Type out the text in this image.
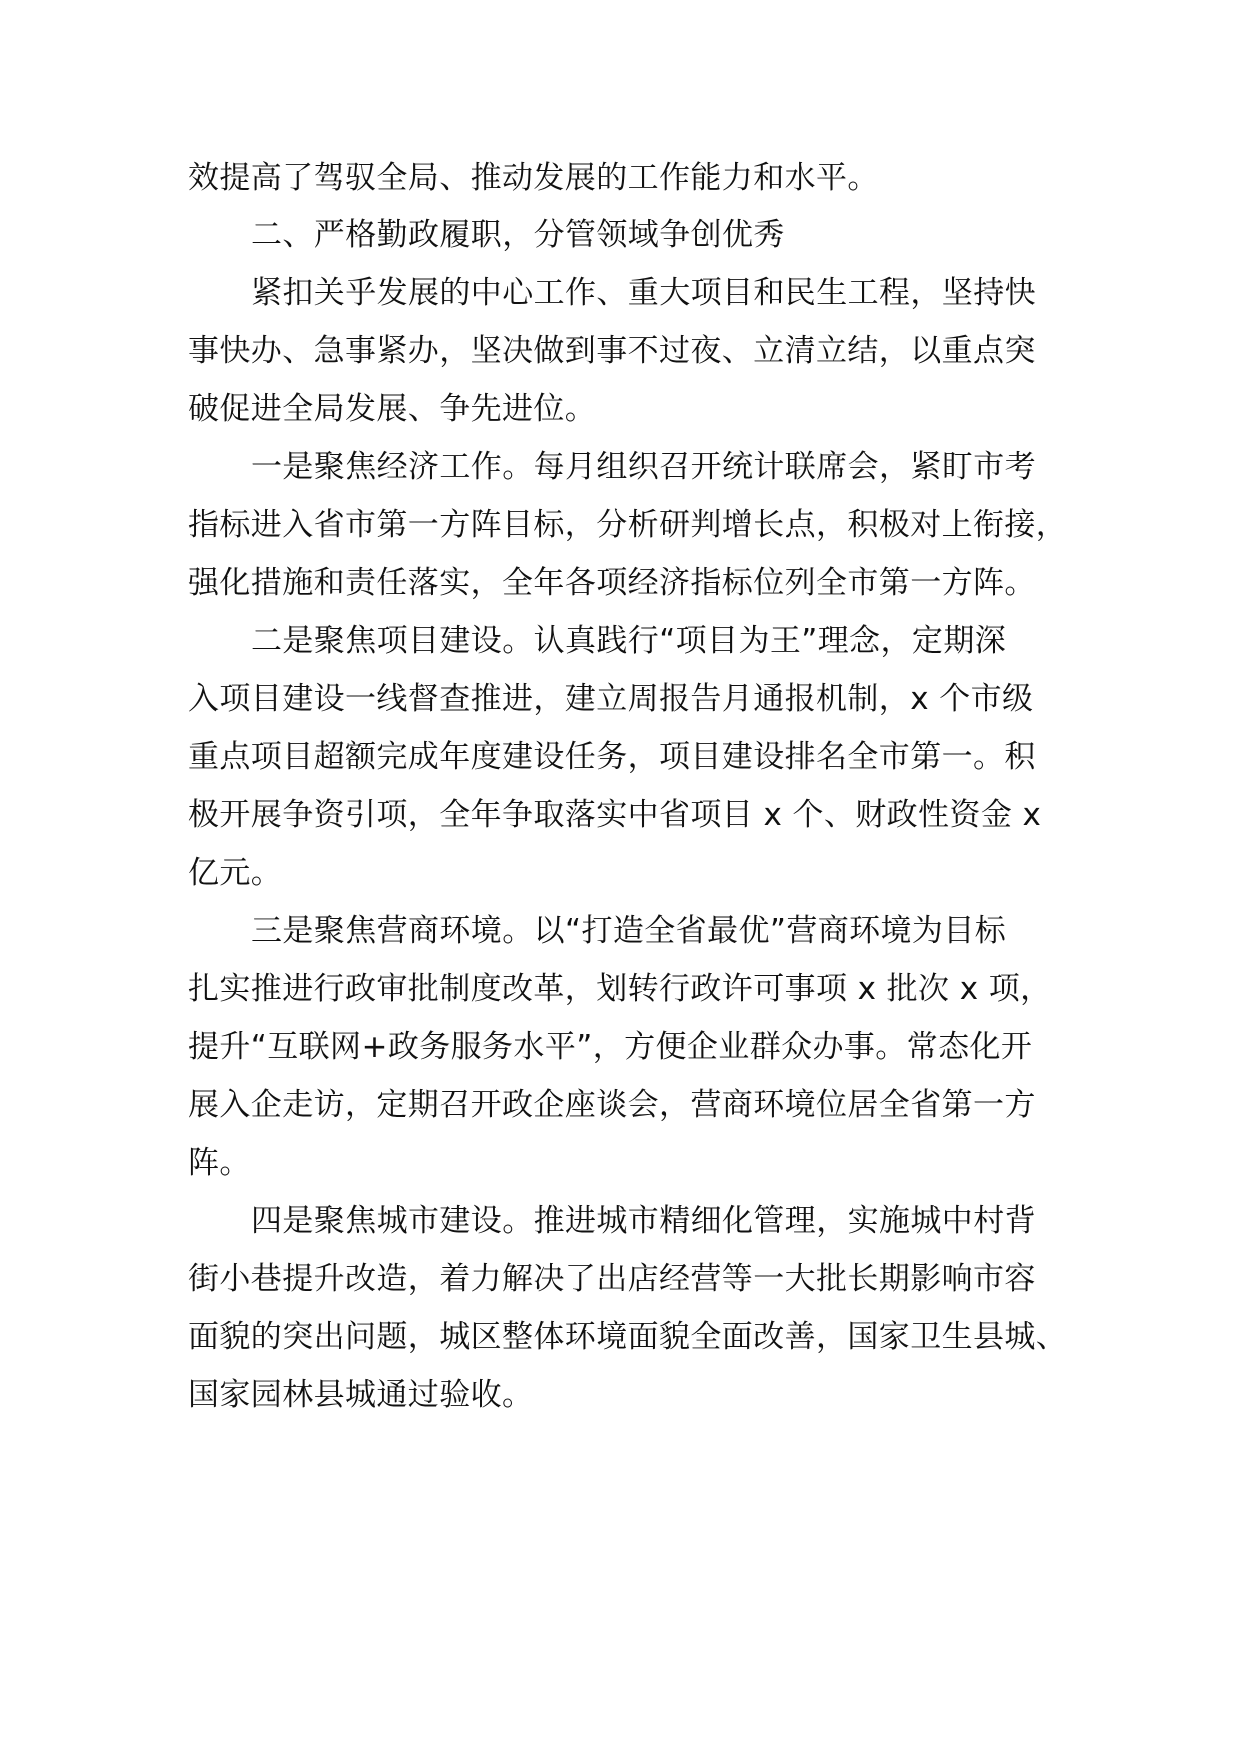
效提高了驾驭全局、推动发展的工作能力和水平。
二、严格勤政履职，分管领域争创优秀
紧扣关乎发展的中心工作、重大项目和民生工程，坚持快
事快办、急事紧办，坚决做到事不过夜、立清立结，以重点突
破促进全局发展、争先进位。
一是聚焦经济工作。每月组织召开统计联席会，紧盯市考
指标进入省市第一方阵目标，分析研判增长点，积极对上衔接，
强化措施和责任落实，全年各项经济指标位列全市第一方阵。
二是聚焦项目建设。认真践行“项目为王”理念，定期深
入项目建设一线督查推进，建立周报告月通报机制，x 个市级
重点项目超额完成年度建设任务，项目建设排名全市第一。积
极开展争资引项，全年争取落实中省项目 x 个、财政性资金 x
亿元。
三是聚焦营商环境。以“打造全省最优”营商环境为目标
扎实推进行政审批制度改革，划转行政许可事项 x 批次 x 项，
提升“互联网+政务服务水平”，方便企业群众办事。常态化开
展入企走访，定期召开政企座谈会，营商环境位居全省第一方
阵。
四是聚焦城市建设。推进城市精细化管理，实施城中村背
街小巷提升改造，着力解决了出店经营等一大批长期影响市容
面貌的突出问题，城区整体环境面貌全面改善，国家卫生县城、
国家园林县城通过验收。
